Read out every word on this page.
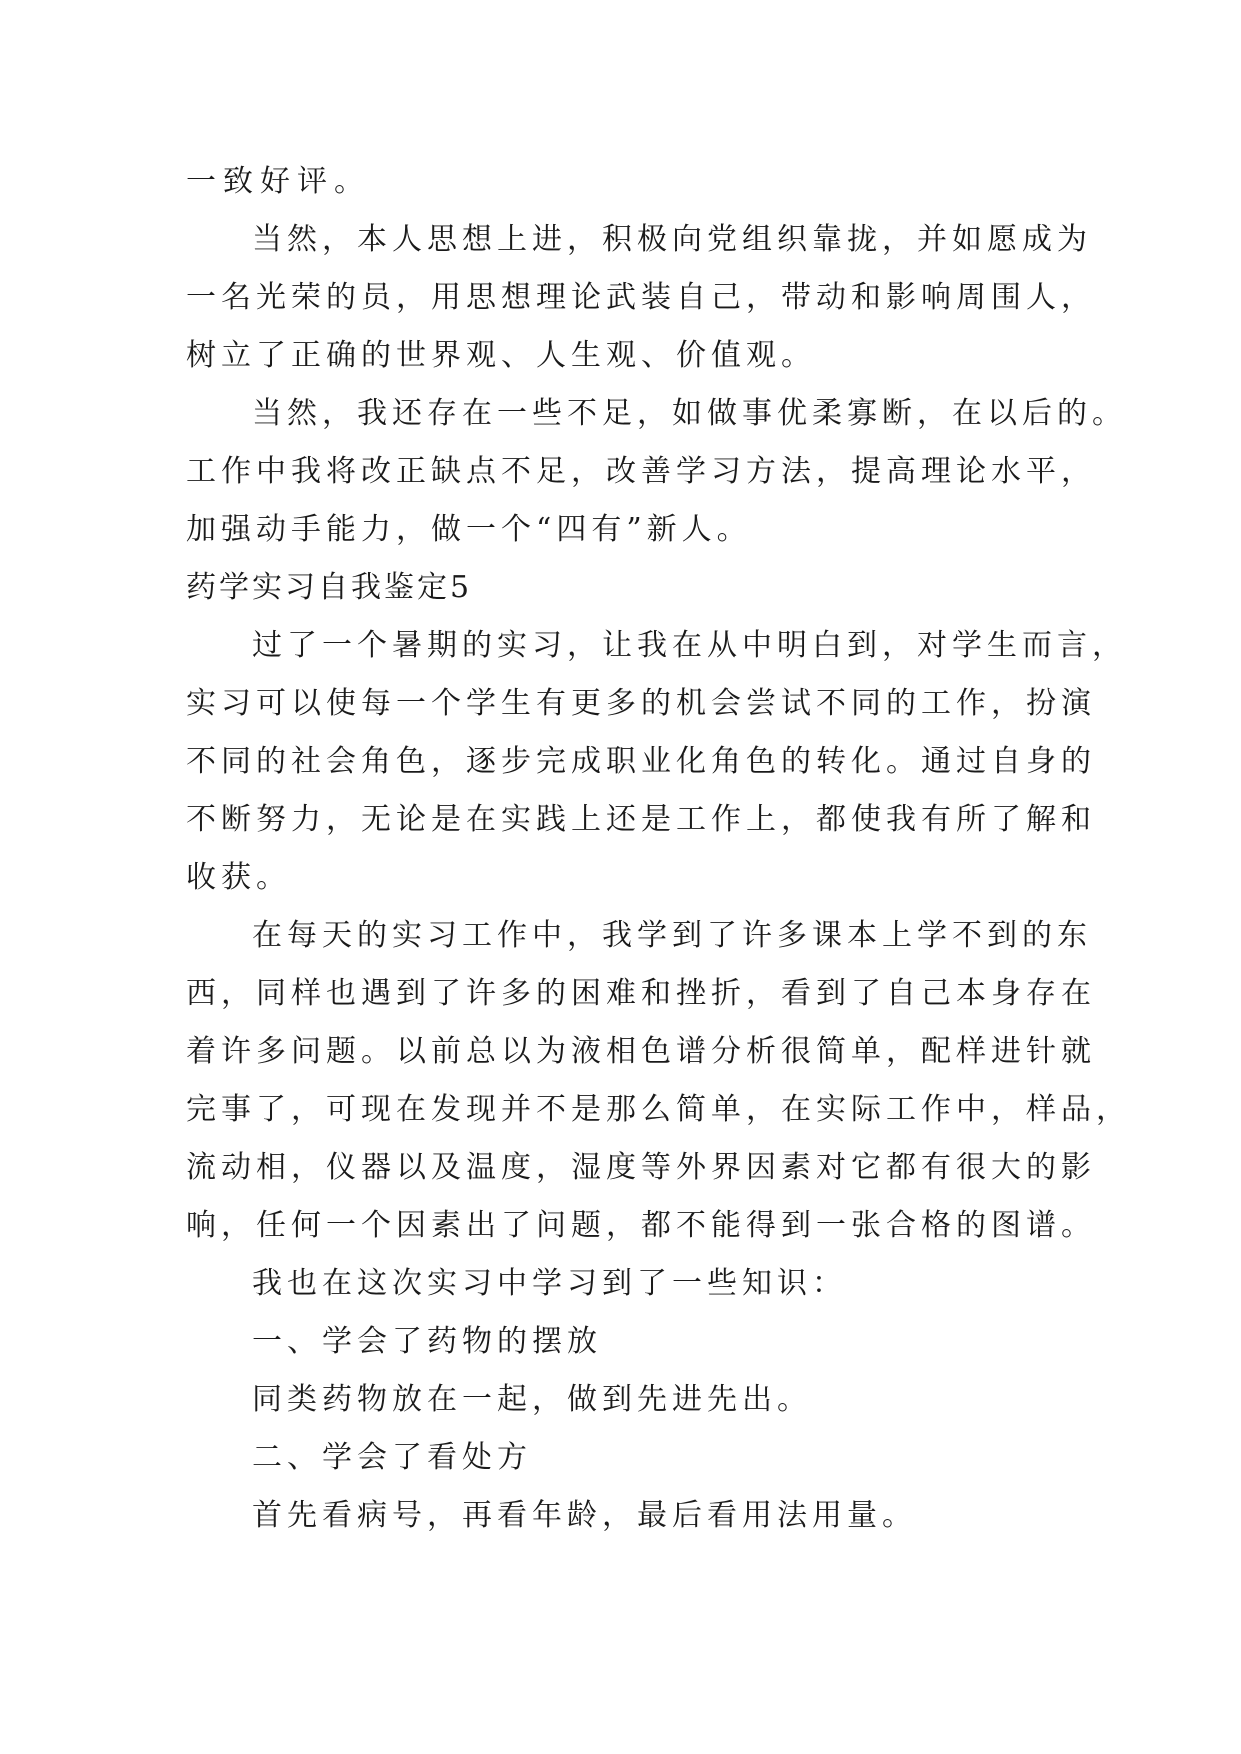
一致好评。
当然，本人思想上进，积极向党组织靠拢，并如愿成为
一名光荣的员，用思想理论武装自己，带动和影响周围人，
树立了正确的世界观、人生观、价值观。
当然，我还存在一些不足，如做事优柔寡断，在以后的。
工作中我将改正缺点不足，改善学习方法，提高理论水平，
加强动手能力，做一个“四有”新人。
药学实习自我鉴定5
过了一个暑期的实习，让我在从中明白到，对学生而言，
实习可以使每一个学生有更多的机会尝试不同的工作，扮演
不同的社会角色，逐步完成职业化角色的转化。通过自身的
不断努力，无论是在实践上还是工作上，都使我有所了解和
收获。
在每天的实习工作中，我学到了许多课本上学不到的东
西，同样也遇到了许多的困难和挫折，看到了自己本身存在
着许多问题。以前总以为液相色谱分析很简单，配样进针就
完事了，可现在发现并不是那么简单，在实际工作中，样品，
流动相，仪器以及温度，湿度等外界因素对它都有很大的影
响，任何一个因素出了问题，都不能得到一张合格的图谱。
我也在这次实习中学习到了一些知识：
一、学会了药物的摆放
同类药物放在一起，做到先进先出。
二、学会了看处方
首先看病号，再看年龄，最后看用法用量。
